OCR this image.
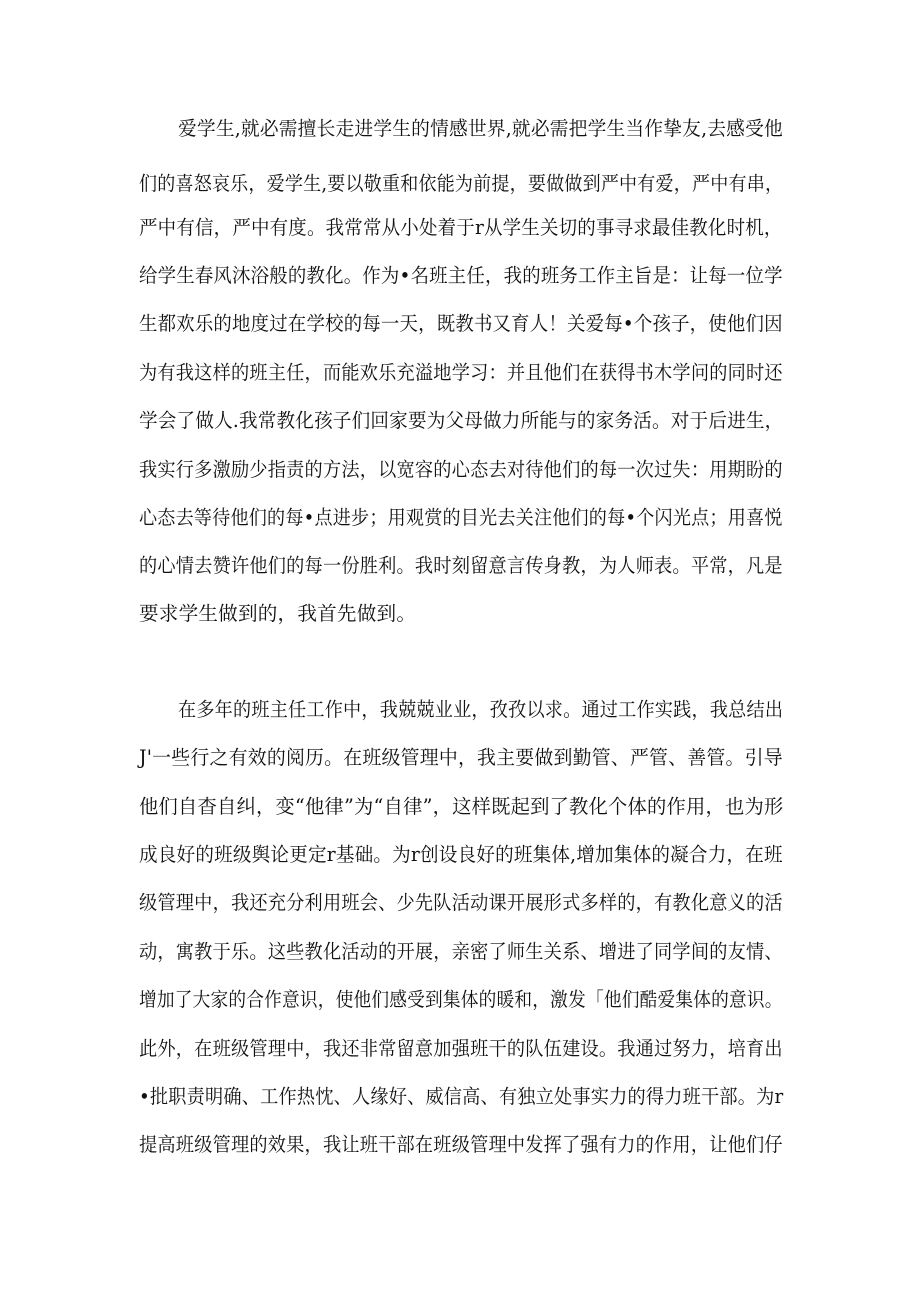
爱学生,就必需擅长走进学生的情感世界,就必需把学生当作挚友,去感受他
们的喜怒哀乐，爱学生,要以敬重和依能为前提，要做做到严中有爱，严中有串，
严中有信，严中有度。我常常从小处着于r从学生关切的事寻求最佳教化时机，
给学生春风沐浴般的教化。作为•名班主任，我的班务工作主旨是：让每一位学
生都欢乐的地度过在学校的每一天，既教书又育人！关爱每•个孩子，使他们因
为有我这样的班主任，而能欢乐充溢地学习：并且他们在获得书木学问的同时还
学会了做人.我常教化孩子们回家要为父母做力所能与的家务活。对于后进生，
我实行多激励少指责的方法，以宽容的心态去对待他们的每一次过失：用期盼的
心态去等待他们的每•点进步；用观赏的目光去关注他们的每•个闪光点；用喜悦
的心情去赞许他们的每一份胜利。我时刻留意言传身教，为人师表。平常，凡是
要求学生做到的，我首先做到。
在多年的班主任工作中，我兢兢业业，孜孜以求。通过工作实践，我总结出
J'一些行之有效的阅历。在班级管理中，我主要做到勤管、严管、善管。引导
他们自杳自纠，变“他律”为“自律”，这样既起到了教化个体的作用，也为形
成良好的班级舆论更定r基础。为r创设良好的班集体,增加集体的凝合力，在班
级管理中，我还充分利用班会、少先队活动课开展形式多样的，有教化意义的活
动，寓教于乐。这些教化活动的开展，亲密了师生关系、增进了同学间的友情、
增加了大家的合作意识，使他们感受到集体的暖和，激发「他们酷爱集体的意识。
此外，在班级管理中，我还非常留意加强班干的队伍建设。我通过努力，培育出
•批职责明确、工作热忱、人缘好、威信高、有独立处事实力的得力班干部。为r
提高班级管理的效果，我让班干部在班级管理中发挥了强有力的作用，让他们仔
